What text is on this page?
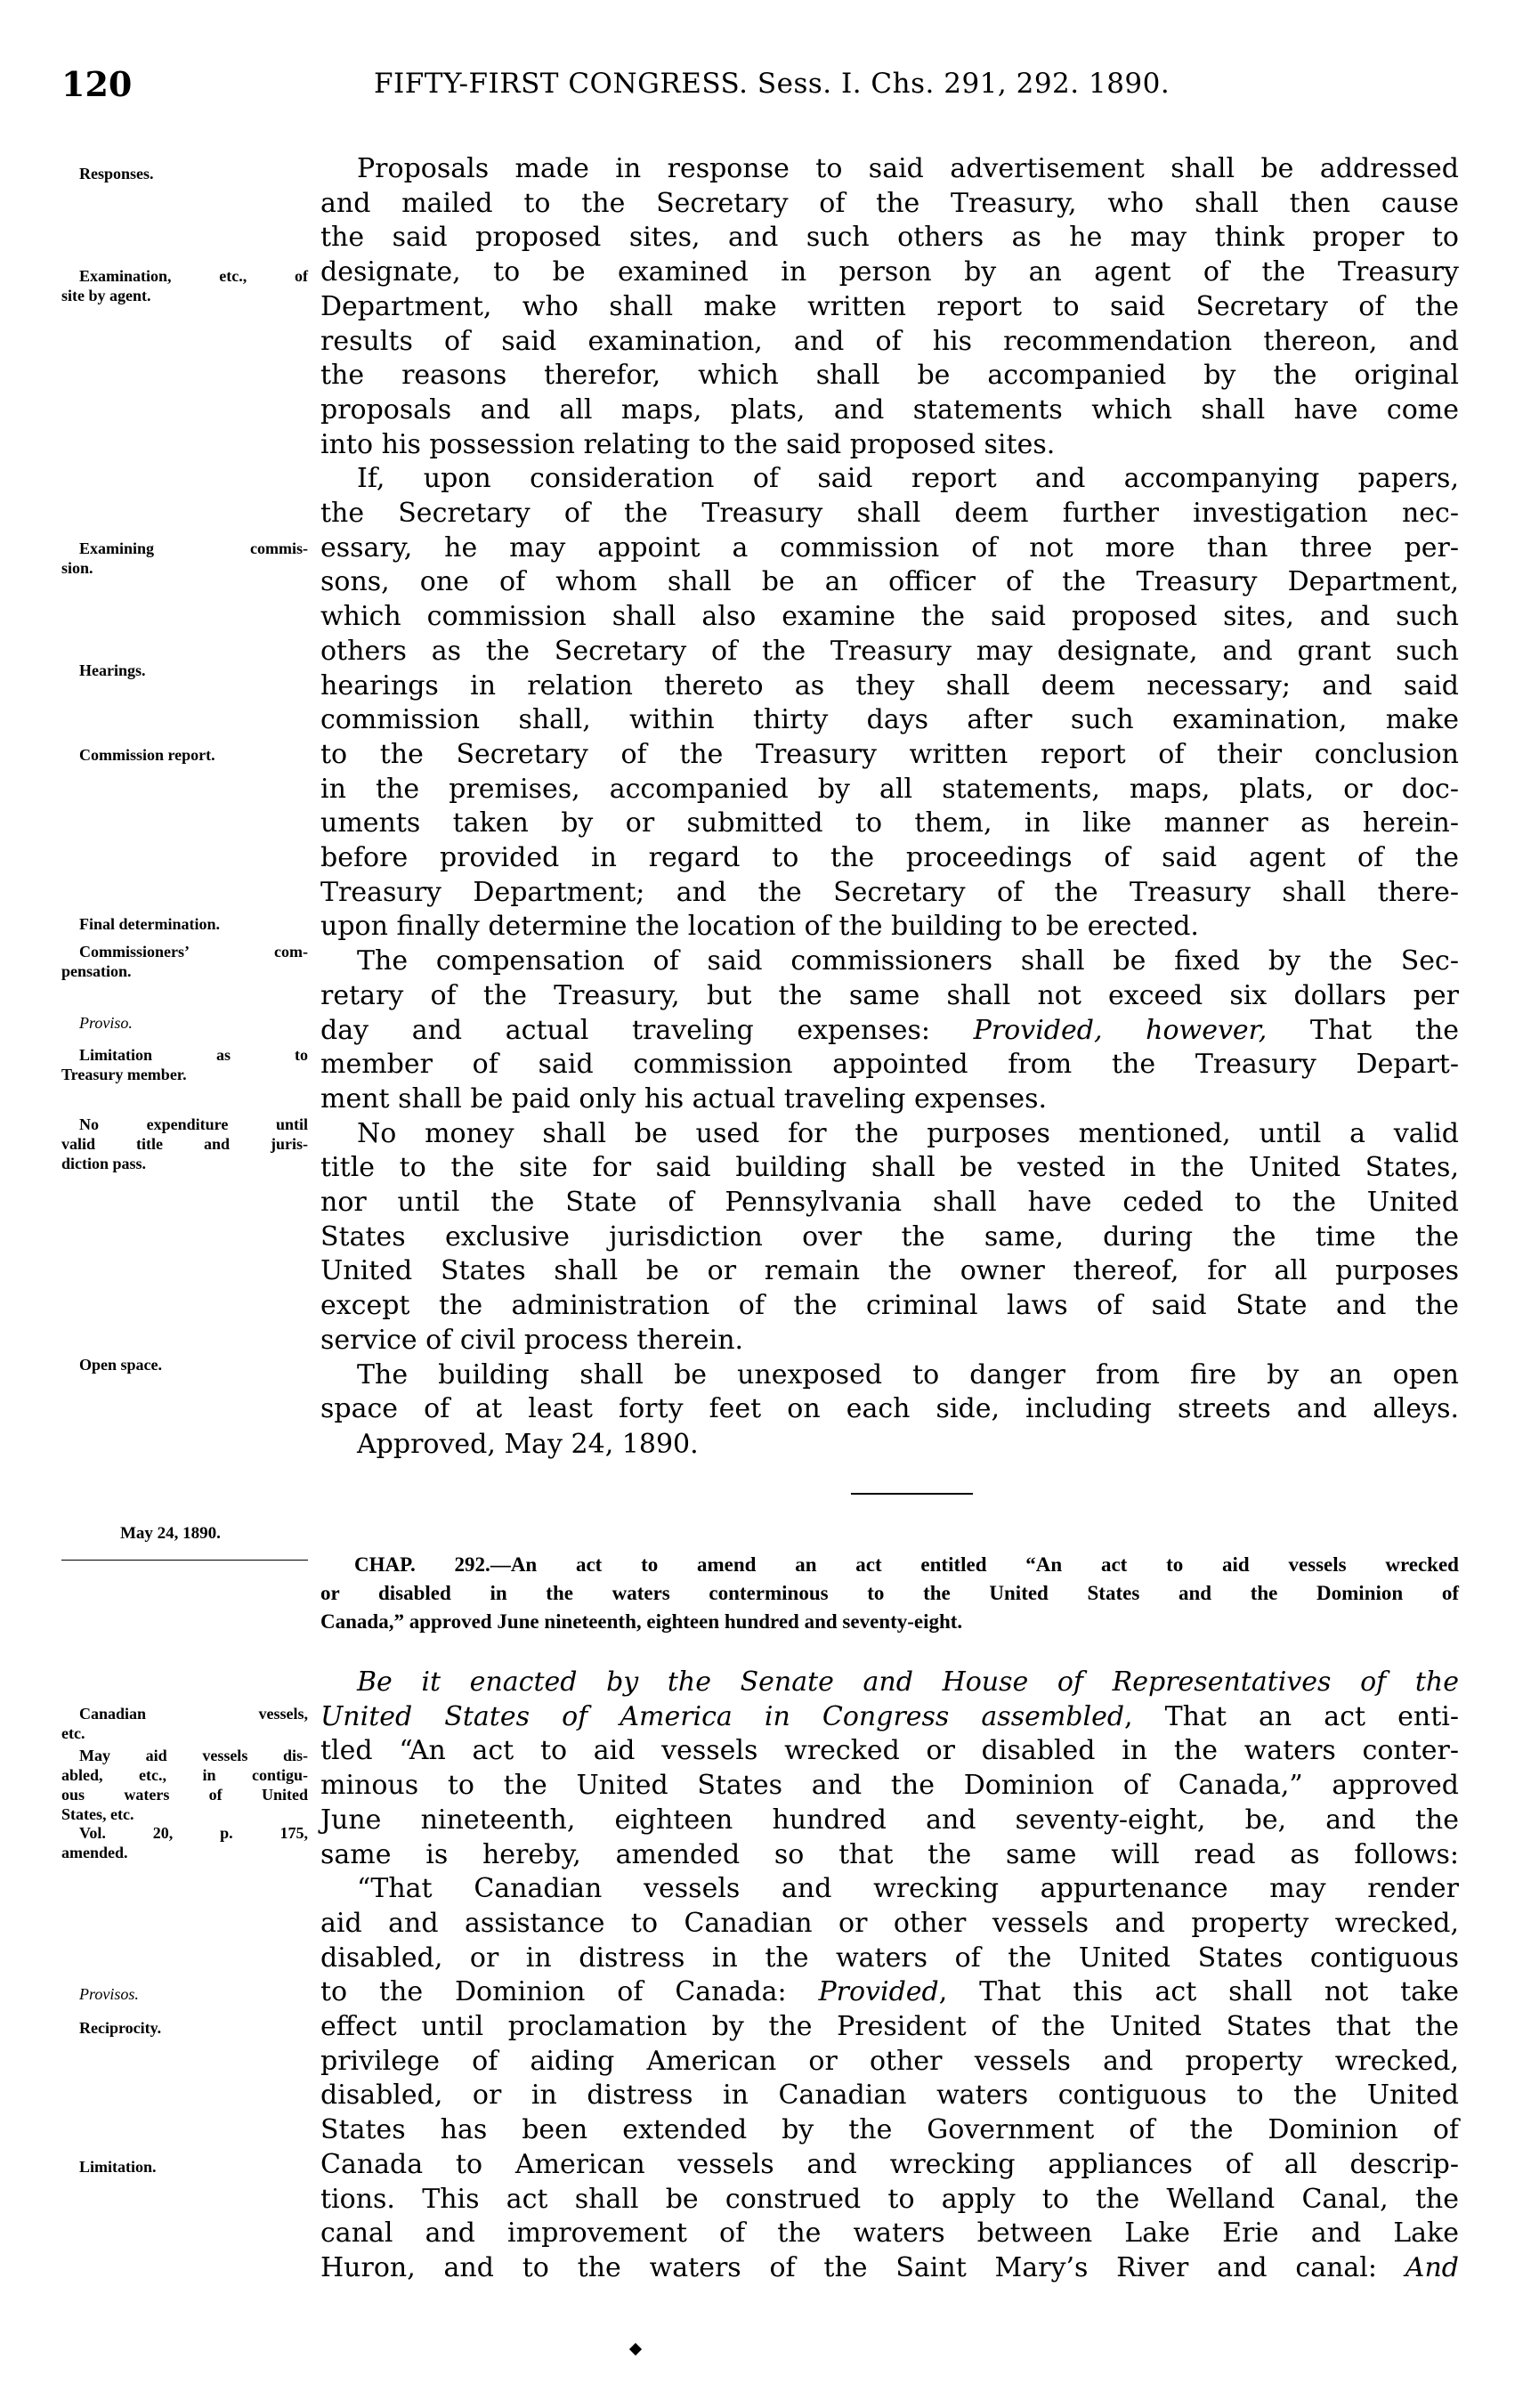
120	FIFTY-FIRST CONGRESS. Sess. I. Chs. 291, 292. 1890.
Proposals made in response to said advertisement shall be addressed
and mailed to the Secretary of the Treasury, who shall then cause
the said proposed sites, and such others as he may think proper to
designate, to be examined in person by an agent of the Treasury
Department, who shall make written report to said Secretary of the
results of said examination, and of his recommendation thereon, and
the reasons therefor, which shall be accompanied by the original
proposals and all maps, plats, and statements which shall have come
into his possession relating to the said proposed sites.
If, upon consideration of said report and accompanying papers,
the Secretary of the Treasury shall deem further investigation nec-
essary, he may appoint a commission of not more than three per-
sons, one of whom shall be an officer of the Treasury Department,
which commission shall also examine the said proposed sites, and such
others as the Secretary of the Treasury may designate, and grant such
hearings in relation thereto as they shall deem necessary; and said
commission shall, within thirty days after such examination, make
to the Secretary of the Treasury written report of their conclusion
in the premises, accompanied by all statements, maps, plats, or doc-
uments taken by or submitted to them, in like manner as herein-
before provided in regard to the proceedings of said agent of the
Treasury Department; and the Secretary of the Treasury shall there-
upon finally determine the location of the building to be erected.
The compensation of said commissioners shall be fixed by the Sec-
retary of the Treasury, but the same shall not exceed six dollars per
day and actual traveling expenses: Provided, however, That the
member of said commission appointed from the Treasury Depart-
ment shall be paid only his actual traveling expenses.
No money shall be used for the purposes mentioned, until a valid
title to the site for said building shall be vested in the United States,
nor until the State of Pennsylvania shall have ceded to the United
States exclusive jurisdiction over the same, during the time the
United States shall be or remain the owner thereof, for all purposes
except the administration of the criminal laws of said State and the
service of civil process therein.
The building shall be unexposed to danger from fire by an open
space of at least forty feet on each side, including streets and alleys.
Be it enacted by the Senate and House of Representatives of the
United States of America in Congress assembled, That an act enti-
tled “An act to aid vessels wrecked or disabled in the waters conter-
minous to the United States and the Dominion of Canada,” approved
June nineteenth, eighteen hundred and seventy-eight, be, and the
same is hereby, amended so that the same will read as follows:
“That Canadian vessels and wrecking appurtenance may render
aid and assistance to Canadian or other vessels and property wrecked,
disabled, or in distress in the waters of the United States contiguous
to the Dominion of Canada: Provided, That this act shall not take
effect until proclamation by the President of the United States that the
privilege of aiding American or other vessels and property wrecked,
disabled, or in distress in Canadian waters contiguous to the United
States has been extended by the Government of the Dominion of
Canada to American vessels and wrecking appliances of all descrip-
tions. This act shall be construed to apply to the Welland Canal, the
canal and improvement of the waters between Lake Erie and Lake
Huron, and to the waters of the Saint Mary’s River and canal: And
Responses.
Examination, etc., of
site by agent.
Examining commis-
sion.
Hearings.
Commission report.
Final determination.
Commissioners’ com-
pensation.
Proviso.
Limitation as to
Treasury member.
No expenditure until
valid title and juris-
diction pass.
Open space.
Canadian vessels,
etc.
May aid vessels dis-
abled, etc., in contigu-
ous waters of United
States, etc.
Vol. 20, p. 175,
amended.
Provisos.
Reciprocity.
Limitation.
Approved, May 24, 1890.
May 24, 1890.
CHAP. 292.—An act to amend an act entitled “An act to aid vessels wrecked
or disabled in the waters conterminous to the United States and the Dominion of
Canada,” approved June nineteenth, eighteen hundred and seventy-eight.
